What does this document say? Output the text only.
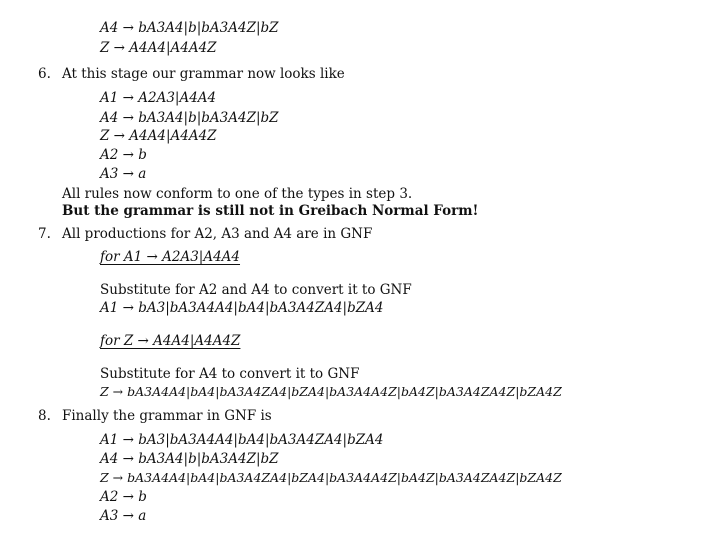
A4 → bA3A4|b|bA3A4Z|bZ
Z → A4A4|A4A4Z
6. At this stage our grammar now looks like
A1 → A2A3|A4A4
A4 → bA3A4|b|bA3A4Z|bZ
Z → A4A4|A4A4Z
A2 → b
A3 → a
All rules now conform to one of the types in step 3.
But the grammar is still not in Greibach Normal Form!
7. All productions for A2, A3 and A4 are in GNF
for A1 → A2A3|A4A4
Substitute for A2 and A4 to convert it to GNF
A1 → bA3|bA3A4A4|bA4|bA3A4ZA4|bZA4
for Z → A4A4|A4A4Z
Substitute for A4 to convert it to GNF
Z → bA3A4A4|bA4|bA3A4ZA4|bZA4|bA3A4A4Z|bA4Z|bA3A4ZA4Z|bZA4Z
8. Finally the grammar in GNF is
A1 → bA3|bA3A4A4|bA4|bA3A4ZA4|bZA4
A4 → bA3A4|b|bA3A4Z|bZ
Z → bA3A4A4|bA4|bA3A4ZA4|bZA4|bA3A4A4Z|bA4Z|bA3A4ZA4Z|bZA4Z
A2 → b
A3 → a
